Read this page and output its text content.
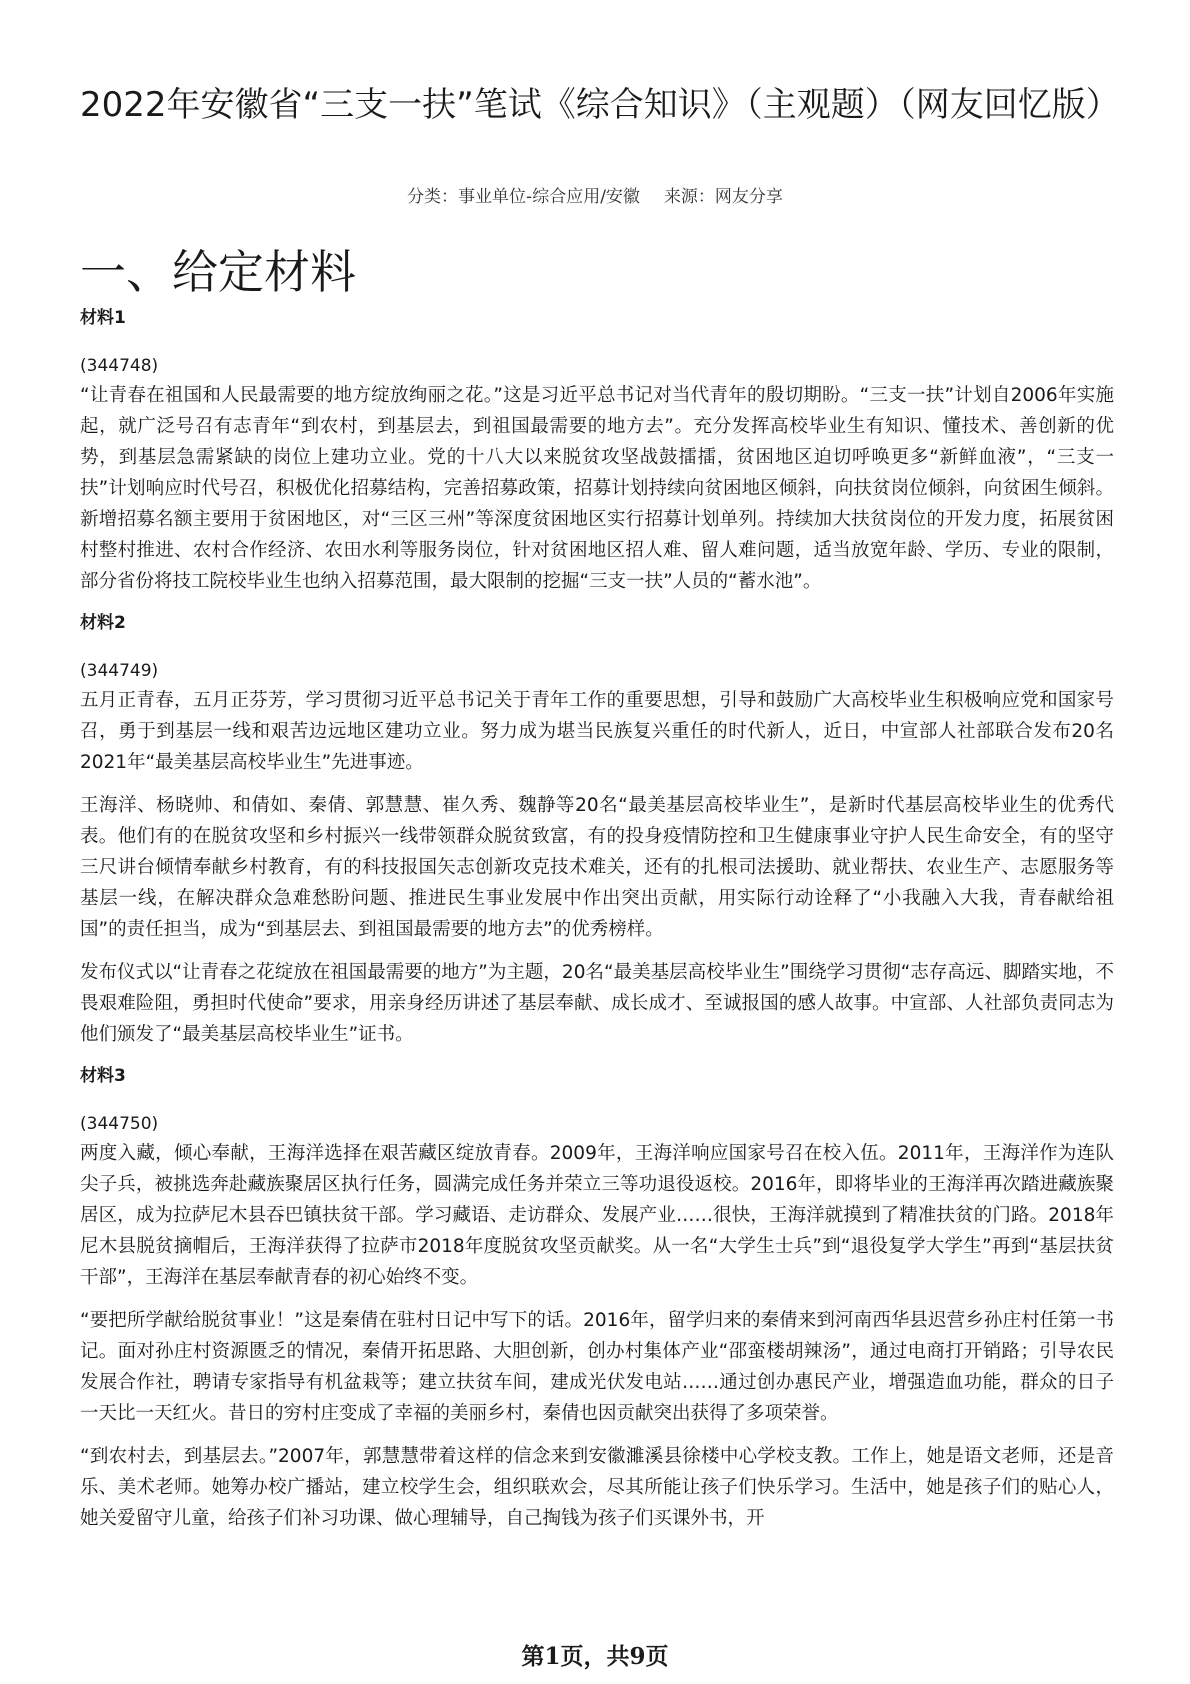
2022年安徽省“三支一扶”笔试《综合知识》（主观题）（网友回忆版）
分类：事业单位-综合应用/安徽 来源：网友分享
一、给定材料

材料1

(344748)

“让青春在祖国和人民最需要的地方绽放绚丽之花。”这是习近平总书记对当代青年的殷切期盼。“三支一扶”计划自2006年实施起，就广泛号召有志青年“到农村，到基层去，到祖国最需要的地方去”。充分发挥高校毕业生有知识、懂技术、善创新的优势，到基层急需紧缺的岗位上建功立业。党的十八大以来脱贫攻坚战鼓擂擂，贫困地区迫切呼唤更多“新鲜血液”，“三支一扶”计划响应时代号召，积极优化招募结构，完善招募政策，招募计划持续向贫困地区倾斜，向扶贫岗位倾斜，向贫困生倾斜。新增招募名额主要用于贫困地区，对“三区三州”等深度贫困地区实行招募计划单列。持续加大扶贫岗位的开发力度，拓展贫困村整村推进、农村合作经济、农田水利等服务岗位，针对贫困地区招人难、留人难问题，适当放宽年龄、学历、专业的限制，部分省份将技工院校毕业生也纳入招募范围，最大限制的挖掘“三支一扶”人员的“蓄水池”。

材料2

(344749)

五月正青春，五月正芬芳，学习贯彻习近平总书记关于青年工作的重要思想，引导和鼓励广大高校毕业生积极响应党和国家号召，勇于到基层一线和艰苦边远地区建功立业。努力成为堪当民族复兴重任的时代新人，近日，中宣部人社部联合发布20名2021年“最美基层高校毕业生”先进事迹。

王海洋、杨晓帅、和倩如、秦倩、郭慧慧、崔久秀、魏静等20名“最美基层高校毕业生”，是新时代基层高校毕业生的优秀代表。他们有的在脱贫攻坚和乡村振兴一线带领群众脱贫致富，有的投身疫情防控和卫生健康事业守护人民生命安全，有的坚守三尺讲台倾情奉献乡村教育，有的科技报国矢志创新攻克技术难关，还有的扎根司法援助、就业帮扶、农业生产、志愿服务等基层一线，在解决群众急难愁盼问题、推进民生事业发展中作出突出贡献，用实际行动诠释了“小我融入大我，青春献给祖国”的责任担当，成为“到基层去、到祖国最需要的地方去”的优秀榜样。

发布仪式以“让青春之花绽放在祖国最需要的地方”为主题，20名“最美基层高校毕业生”围绕学习贯彻“志存高远、脚踏实地，不畏艰难险阻，勇担时代使命”要求，用亲身经历讲述了基层奉献、成长成才、至诚报国的感人故事。中宣部、人社部负责同志为他们颁发了“最美基层高校毕业生”证书。

材料3

(344750)

两度入藏，倾心奉献，王海洋选择在艰苦藏区绽放青春。2009年，王海洋响应国家号召在校入伍。2011年，王海洋作为连队尖子兵，被挑选奔赴藏族聚居区执行任务，圆满完成任务并荣立三等功退役返校。2016年，即将毕业的王海洋再次踏进藏族聚居区，成为拉萨尼木县吞巴镇扶贫干部。学习藏语、走访群众、发展产业……很快，王海洋就摸到了精准扶贫的门路。2018年尼木县脱贫摘帽后，王海洋获得了拉萨市2018年度脱贫攻坚贡献奖。从一名“大学生士兵”到“退役复学大学生”再到“基层扶贫干部”，王海洋在基层奉献青春的初心始终不变。

“要把所学献给脱贫事业！”这是秦倩在驻村日记中写下的话。2016年，留学归来的秦倩来到河南西华县迟营乡孙庄村任第一书记。面对孙庄村资源匮乏的情况，秦倩开拓思路、大胆创新，创办村集体产业“邵蛮楼胡辣汤”，通过电商打开销路；引导农民发展合作社，聘请专家指导有机盆栽等；建立扶贫车间，建成光伏发电站……通过创办惠民产业，增强造血功能，群众的日子一天比一天红火。昔日的穷村庄变成了幸福的美丽乡村，秦倩也因贡献突出获得了多项荣誉。

“到农村去，到基层去。”2007年，郭慧慧带着这样的信念来到安徽濉溪县徐楼中心学校支教。工作上，她是语文老师，还是音乐、美术老师。她筹办校广播站，建立校学生会，组织联欢会，尽其所能让孩子们快乐学习。生活中，她是孩子们的贴心人，她关爱留守儿童，给孩子们补习功课、做心理辅导，自己掏钱为孩子们买课外书，开

第1页，共9页
